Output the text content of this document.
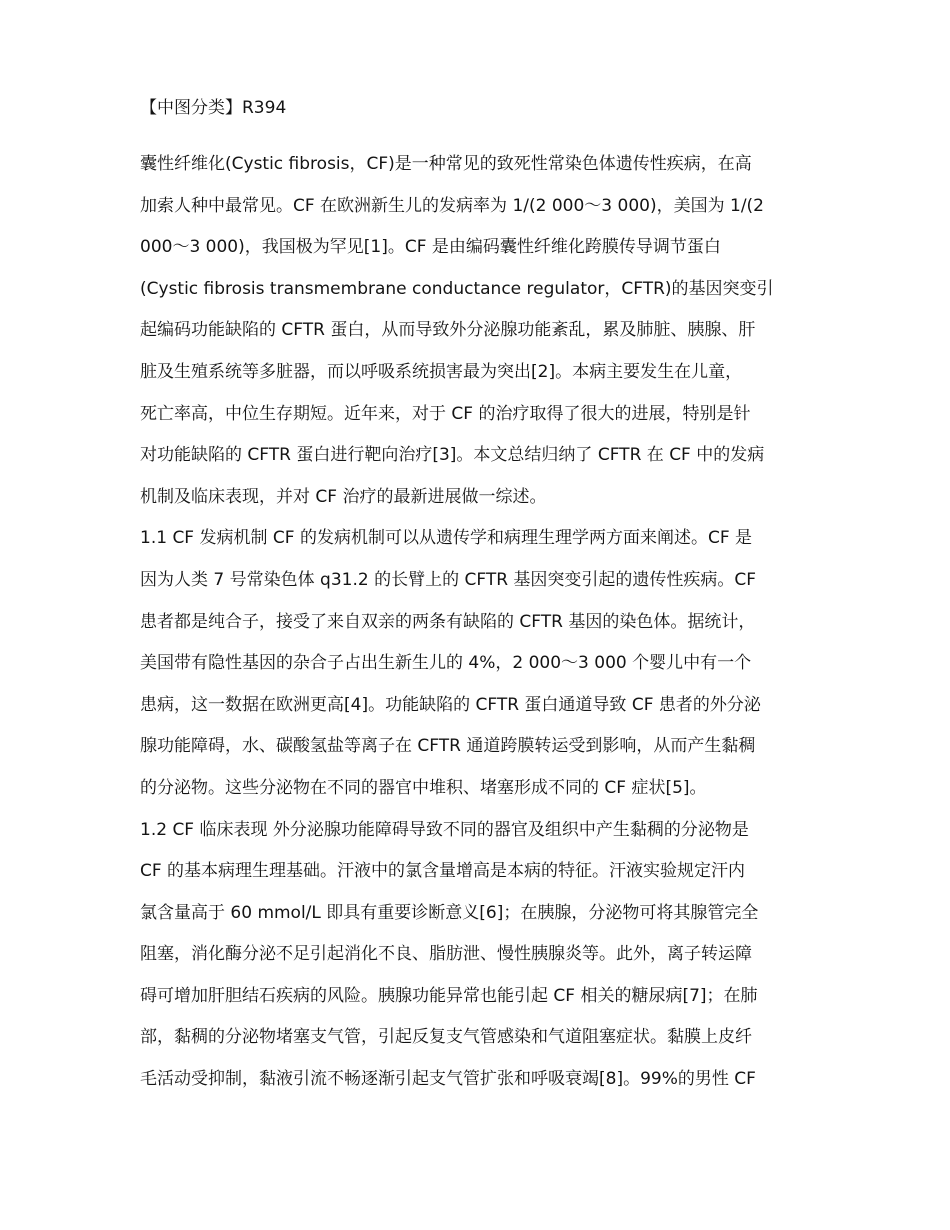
【中图分类】R394
囊性纤维化(Cystic fibrosis，CF)是一种常见的致死性常染色体遗传性疾病，在高
加索人种中最常见。CF 在欧洲新生儿的发病率为 1/(2 000～3 000)，美国为 1/(2
000～3 000)，我国极为罕见[1]。CF 是由编码囊性纤维化跨膜传导调节蛋白
(Cystic fibrosis transmembrane conductance regulator，CFTR)的基因突变引
起编码功能缺陷的 CFTR 蛋白，从而导致外分泌腺功能紊乱，累及肺脏、胰腺、肝
脏及生殖系统等多脏器，而以呼吸系统损害最为突出[2]。本病主要发生在儿童，
死亡率高，中位生存期短。近年来，对于 CF 的治疗取得了很大的进展，特别是针
对功能缺陷的 CFTR 蛋白进行靶向治疗[3]。本文总结归纳了 CFTR 在 CF 中的发病
机制及临床表现，并对 CF 治疗的最新进展做一综述。
1.1 CF 发病机制 CF 的发病机制可以从遗传学和病理生理学两方面来阐述。CF 是
因为人类 7 号常染色体 q31.2 的长臂上的 CFTR 基因突变引起的遗传性疾病。CF
患者都是纯合子，接受了来自双亲的两条有缺陷的 CFTR 基因的染色体。据统计，
美国带有隐性基因的杂合子占出生新生儿的 4%，2 000～3 000 个婴儿中有一个
患病，这一数据在欧洲更高[4]。功能缺陷的 CFTR 蛋白通道导致 CF 患者的外分泌
腺功能障碍，水、碳酸氢盐等离子在 CFTR 通道跨膜转运受到影响，从而产生黏稠
的分泌物。这些分泌物在不同的器官中堆积、堵塞形成不同的 CF 症状[5]。
1.2 CF 临床表现 外分泌腺功能障碍导致不同的器官及组织中产生黏稠的分泌物是
CF 的基本病理生理基础。汗液中的氯含量增高是本病的特征。汗液实验规定汗内
氯含量高于 60 mmol/L 即具有重要诊断意义[6]；在胰腺，分泌物可将其腺管完全
阻塞，消化酶分泌不足引起消化不良、脂肪泄、慢性胰腺炎等。此外，离子转运障
碍可增加肝胆结石疾病的风险。胰腺功能异常也能引起 CF 相关的糖尿病[7]；在肺
部，黏稠的分泌物堵塞支气管，引起反复支气管感染和气道阻塞症状。黏膜上皮纤
毛活动受抑制，黏液引流不畅逐渐引起支气管扩张和呼吸衰竭[8]。99%的男性 CF
